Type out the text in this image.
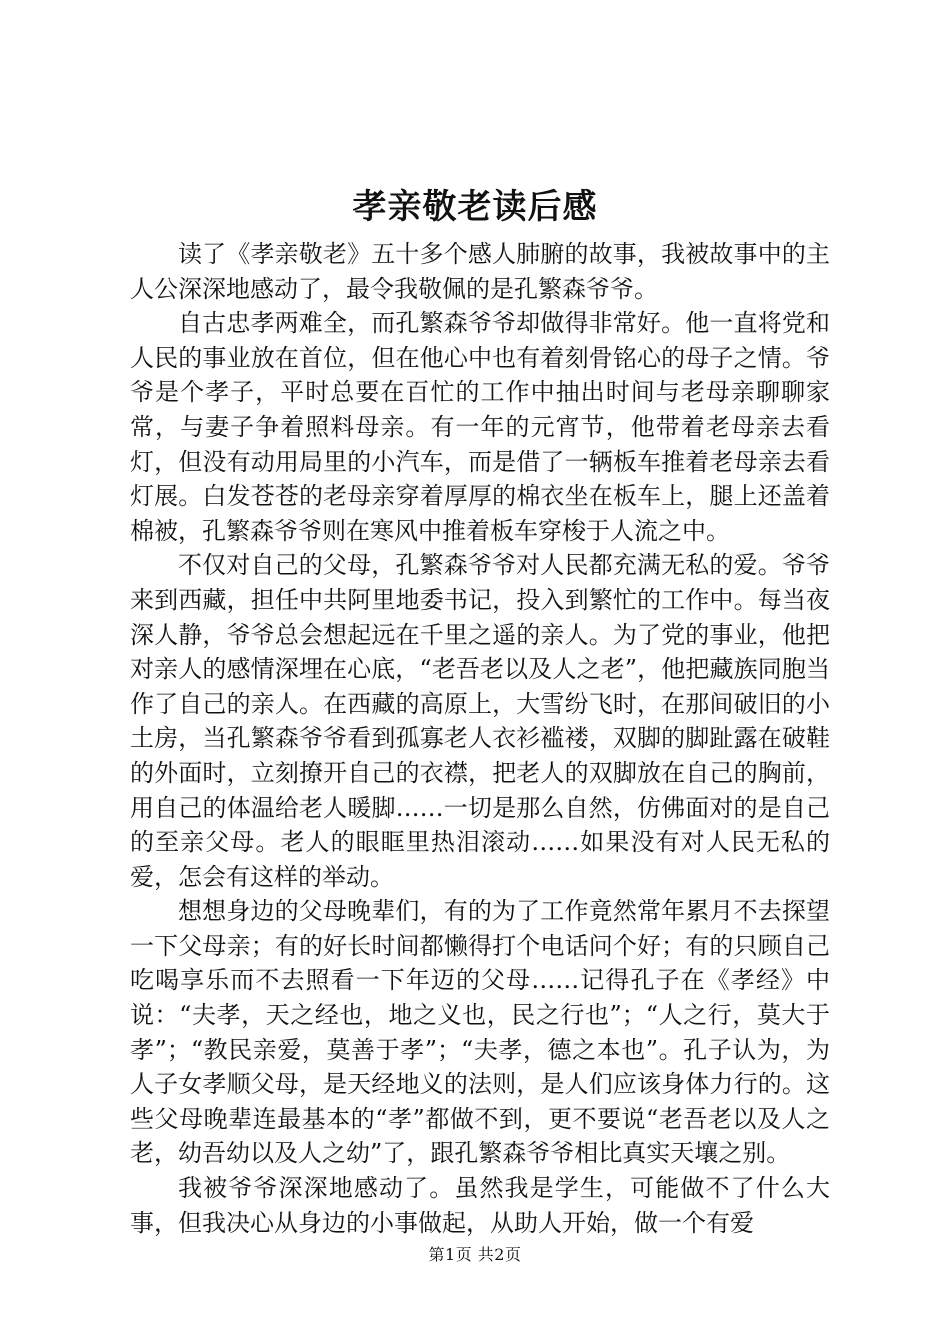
孝亲敬老读后感

读了《孝亲敬老》五十多个感人肺腑的故事，我被故事中的主人公深深地感动了，最令我敬佩的是孔繁森爷爷。

自古忠孝两难全，而孔繁森爷爷却做得非常好。他一直将党和人民的事业放在首位，但在他心中也有着刻骨铭心的母子之情。爷爷是个孝子，平时总要在百忙的工作中抽出时间与老母亲聊聊家常，与妻子争着照料母亲。有一年的元宵节，他带着老母亲去看灯，但没有动用局里的小汽车，而是借了一辆板车推着老母亲去看灯展。白发苍苍的老母亲穿着厚厚的棉衣坐在板车上，腿上还盖着棉被，孔繁森爷爷则在寒风中推着板车穿梭于人流之中。

不仅对自己的父母，孔繁森爷爷对人民都充满无私的爱。爷爷来到西藏，担任中共阿里地委书记，投入到繁忙的工作中。每当夜深人静，爷爷总会想起远在千里之遥的亲人。为了党的事业，他把对亲人的感情深埋在心底，“老吾老以及人之老”，他把藏族同胞当作了自己的亲人。在西藏的高原上，大雪纷飞时，在那间破旧的小土房，当孔繁森爷爷看到孤寡老人衣衫褴褛，双脚的脚趾露在破鞋的外面时，立刻撩开自己的衣襟，把老人的双脚放在自己的胸前，用自己的体温给老人暖脚……一切是那么自然，仿佛面对的是自己的至亲父母。老人的眼眶里热泪滚动……如果没有对人民无私的爱，怎会有这样的举动。

想想身边的父母晚辈们，有的为了工作竟然常年累月不去探望一下父母亲；有的好长时间都懒得打个电话问个好；有的只顾自己吃喝享乐而不去照看一下年迈的父母……记得孔子在《孝经》中说：“夫孝，天之经也，地之义也，民之行也”；“人之行，莫大于孝”；“教民亲爱，莫善于孝”；“夫孝，德之本也”。孔子认为，为人子女孝顺父母，是天经地义的法则，是人们应该身体力行的。这些父母晚辈连最基本的“孝”都做不到，更不要说“老吾老以及人之老，幼吾幼以及人之幼”了，跟孔繁森爷爷相比真实天壤之别。

我被爷爷深深地感动了。虽然我是学生，可能做不了什么大事，但我决心从身边的小事做起，从助人开始，做一个有爱

第1页 共2页
